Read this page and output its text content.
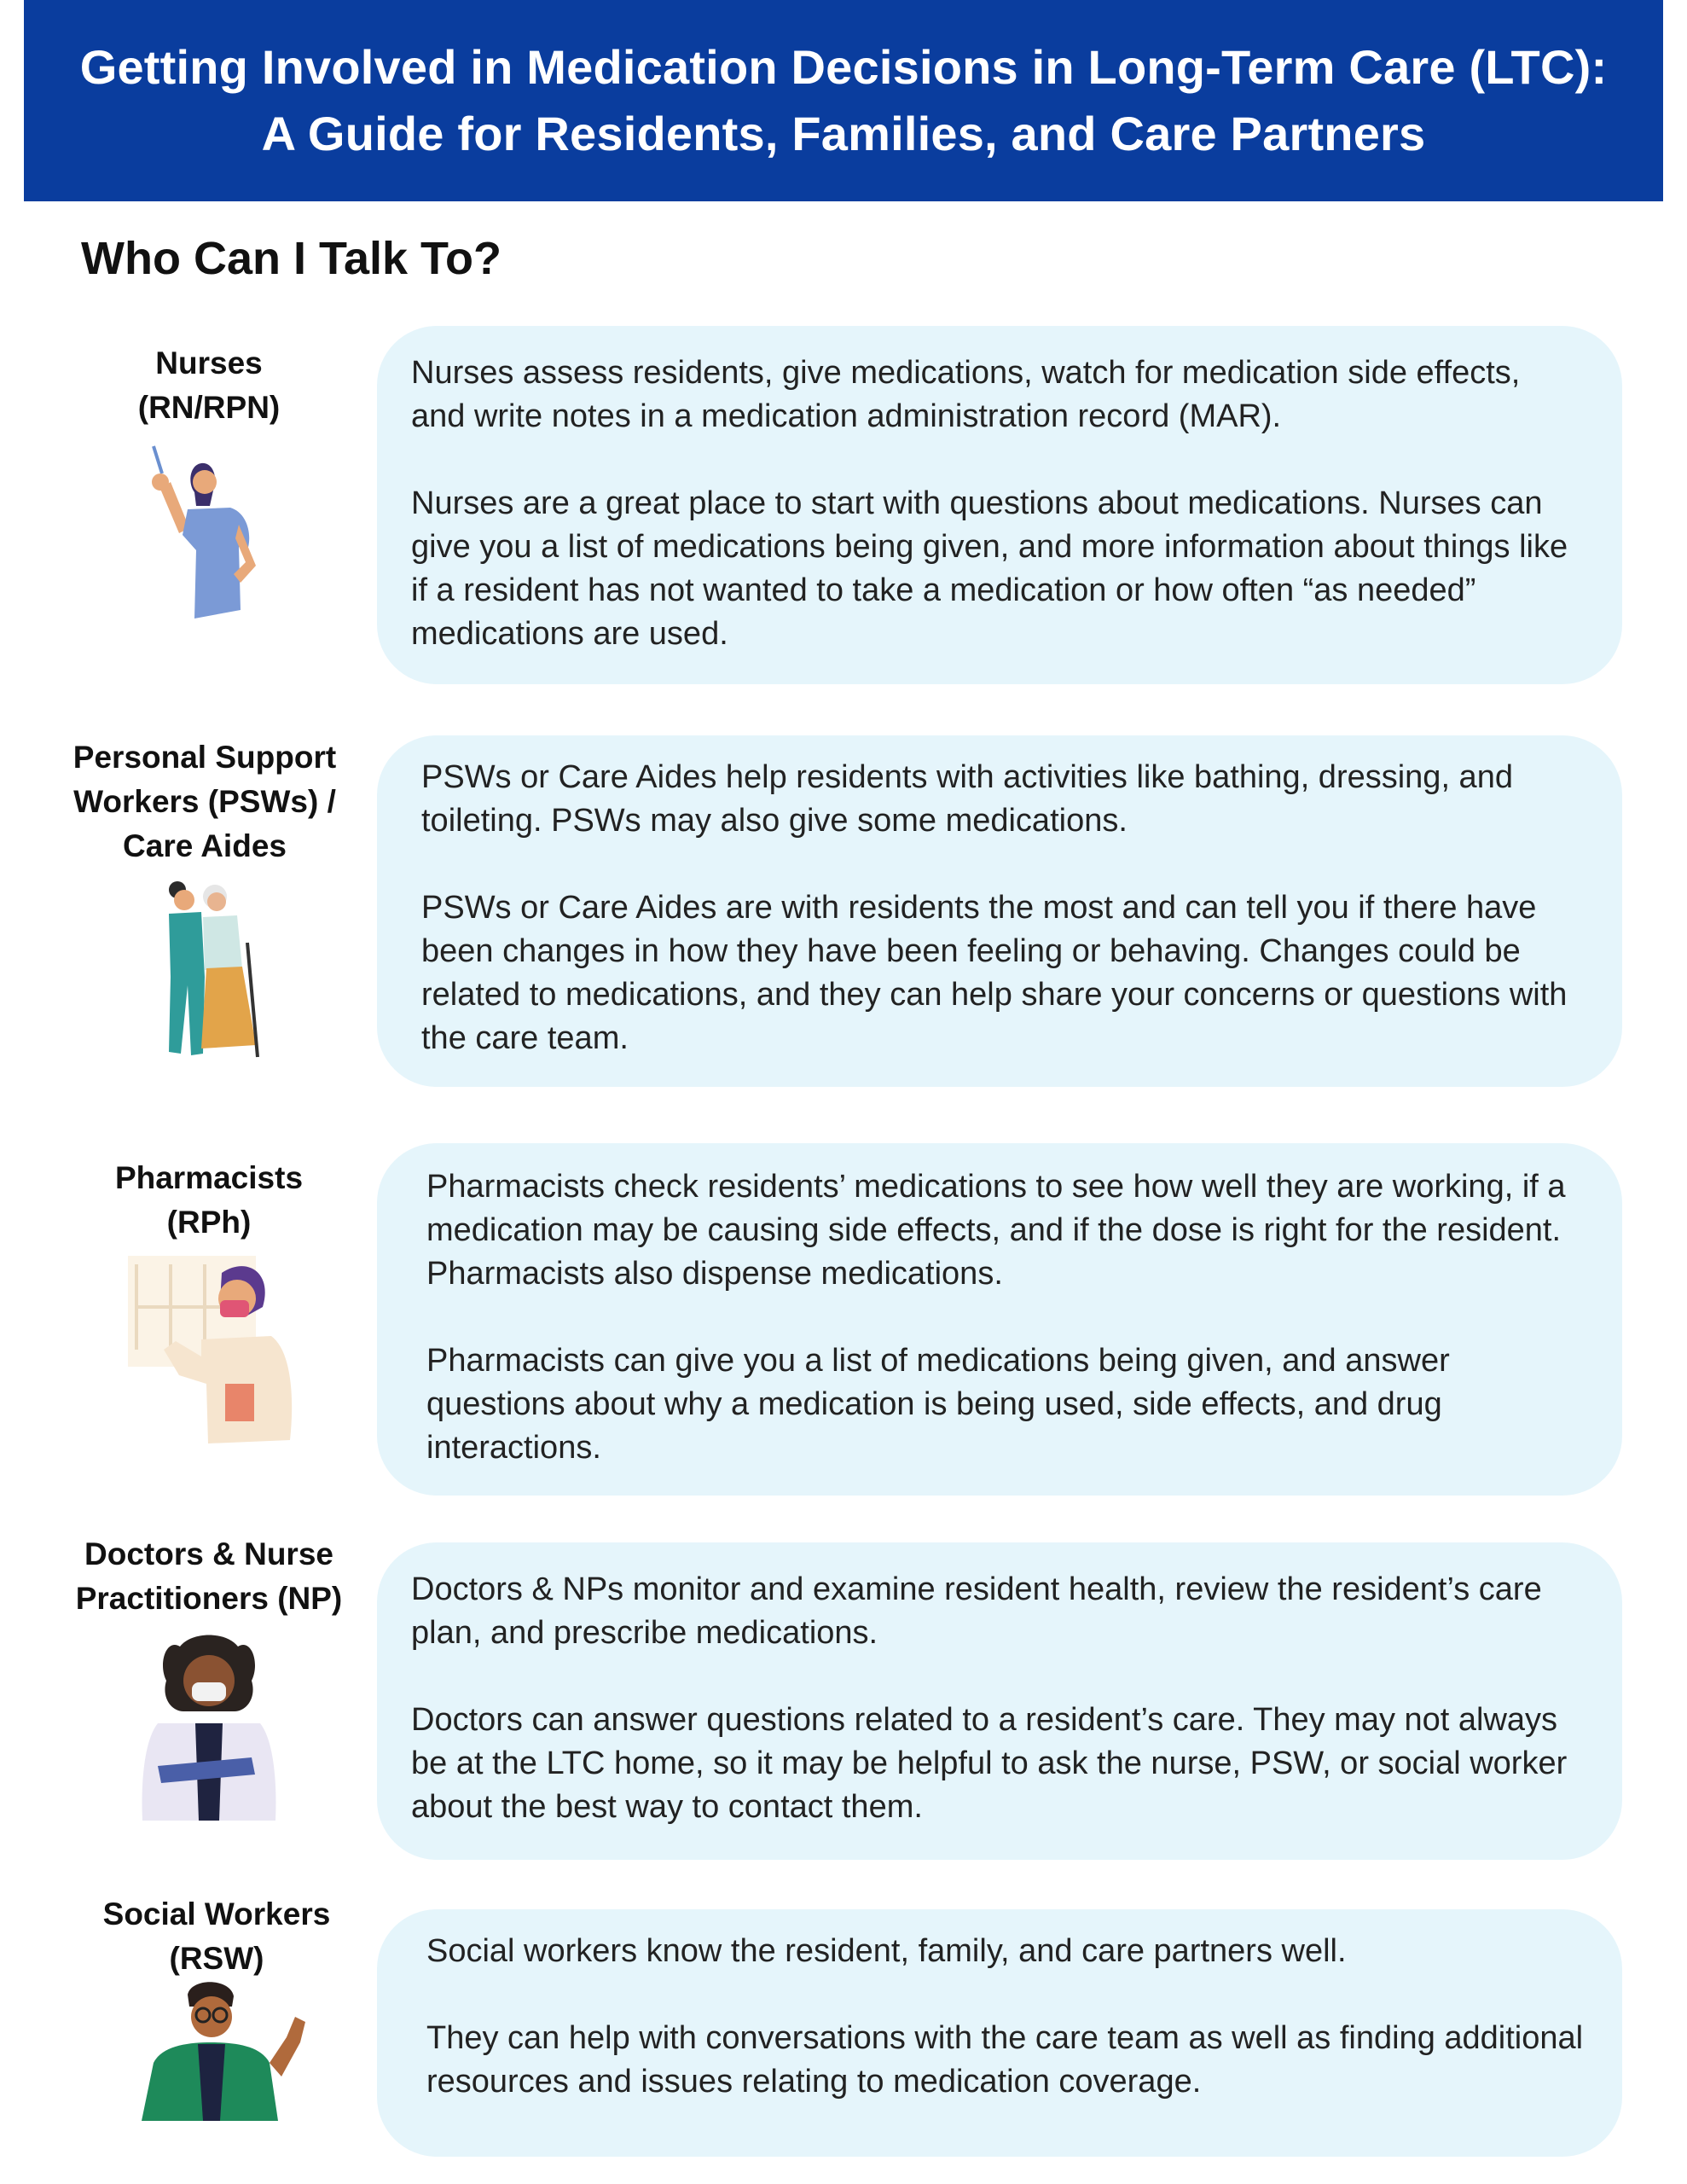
Getting Involved in Medication Decisions in Long-Term Care (LTC):
A Guide for Residents, Families, and Care Partners
Who Can I Talk To?
Nurses
(RN/RPN)

Nurses assess residents, give medications, watch for medication side effects, and write notes in a medication administration record (MAR).

Nurses are a great place to start with questions about medications. Nurses can give you a list of medications being given, and more information about things like if a resident has not wanted to take a medication or how often “as needed” medications are used.

Personal Support
Workers (PSWs) /
Care Aides

PSWs or Care Aides help residents with activities like bathing, dressing, and toileting. PSWs may also give some medications.

PSWs or Care Aides are with residents the most and can tell you if there have been changes in how they have been feeling or behaving. Changes could be related to medications, and they can help share your concerns or questions with the care team.

Pharmacists
(RPh)

Pharmacists check residents’ medications to see how well they are working, if a medication may be causing side effects, and if the dose is right for the resident. Pharmacists also dispense medications.

Pharmacists can give you a list of medications being given, and answer questions about why a medication is being used, side effects, and drug interactions.

Doctors & Nurse
Practitioners (NP)	Doctors & NPs monitor and examine resident health, review the resident’s care plan, and prescribe medications.

Doctors can answer questions related to a resident’s care. They may not always be at the LTC home, so it may be helpful to ask the nurse, PSW, or social worker about the best way to contact them.

Social Workers
(RSW)	Social workers know the resident, family, and care partners well.

They can help with conversations with the care team as well as finding additional resources and issues relating to medication coverage.
